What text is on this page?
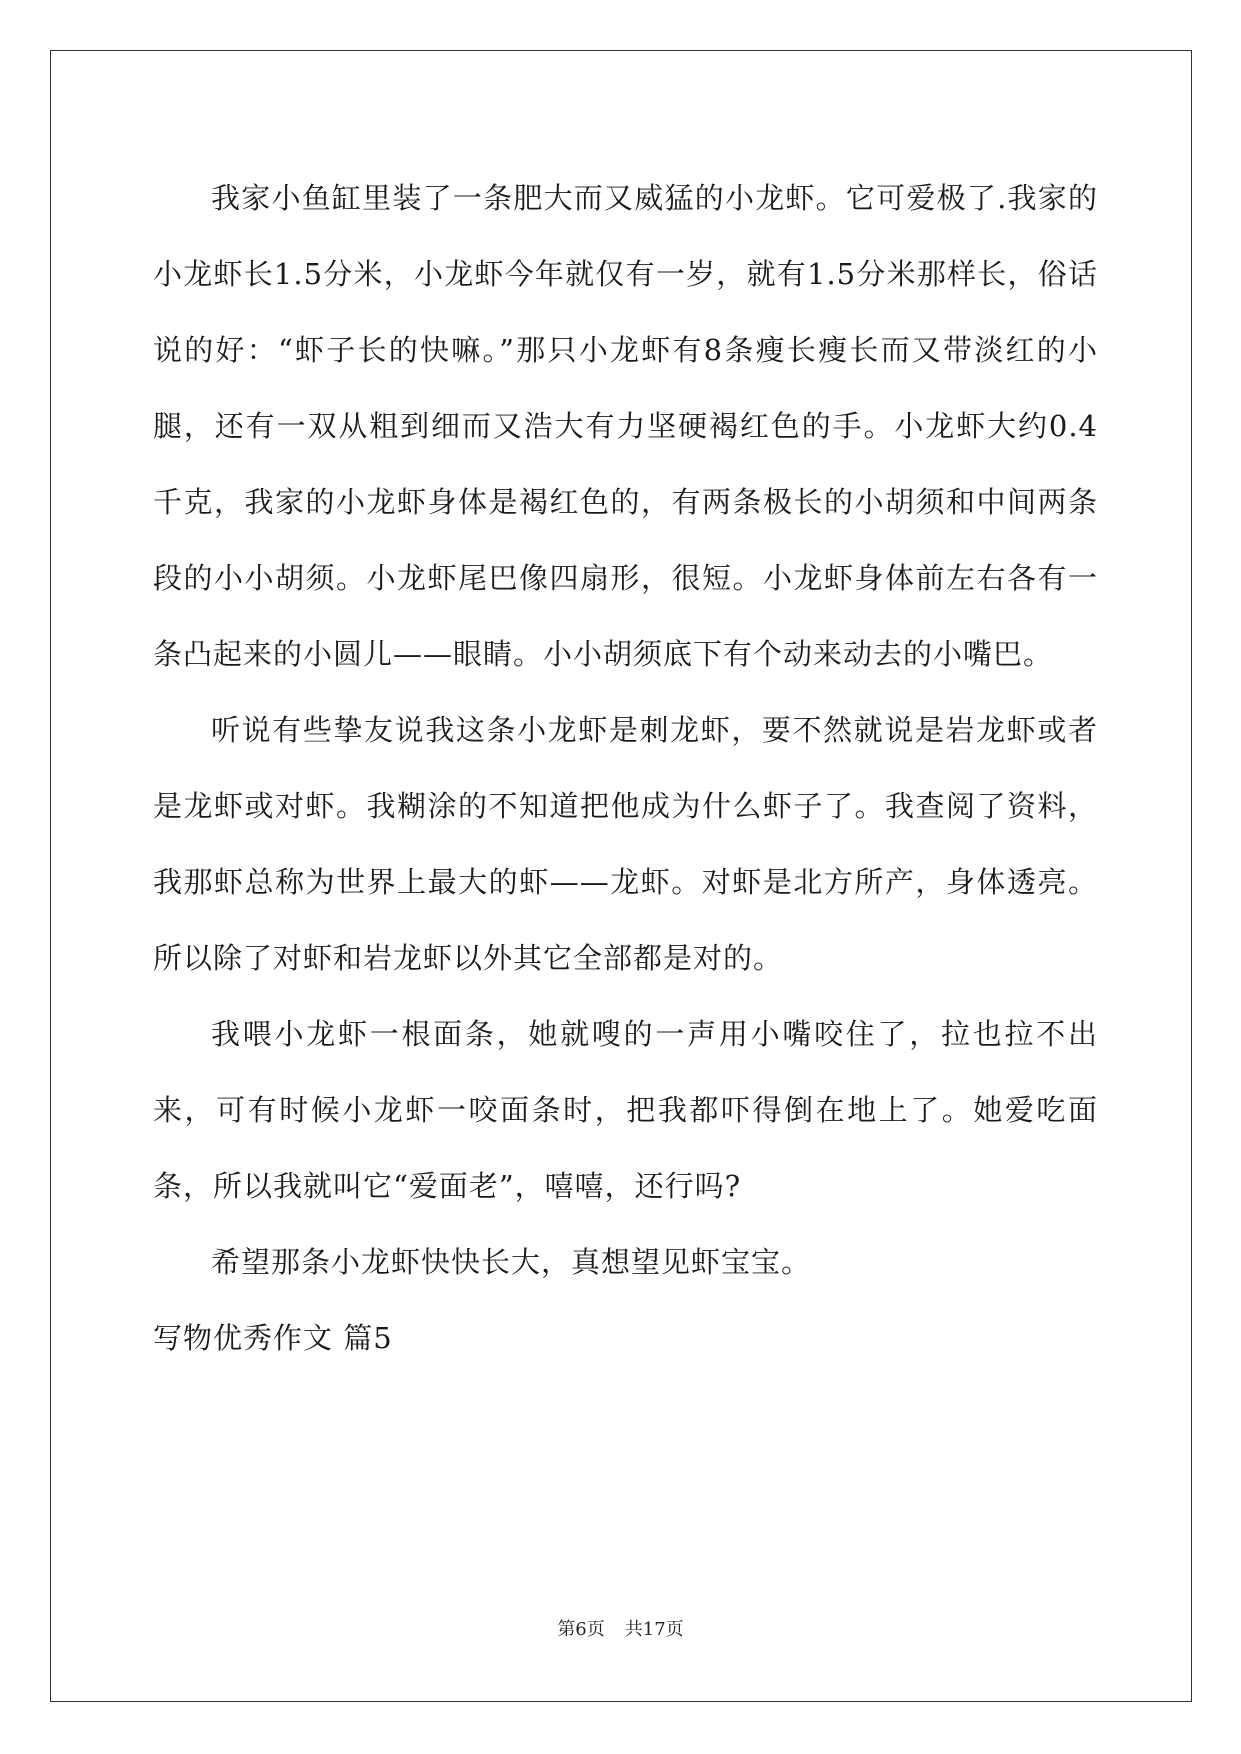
我家小鱼缸里装了一条肥大而又威猛的小龙虾。它可爱极了.我家的小龙虾长1.5分米，小龙虾今年就仅有一岁，就有1.5分米那样长，俗话说的好：“虾子长的快嘛。”那只小龙虾有8条瘦长瘦长而又带淡红的小腿，还有一双从粗到细而又浩大有力坚硬褐红色的手。小龙虾大约0.4千克，我家的小龙虾身体是褐红色的，有两条极长的小胡须和中间两条段的小小胡须。小龙虾尾巴像四扇形，很短。小龙虾身体前左右各有一条凸起来的小圆儿——眼睛。小小胡须底下有个动来动去的小嘴巴。

听说有些挚友说我这条小龙虾是刺龙虾，要不然就说是岩龙虾或者是龙虾或对虾。我糊涂的不知道把他成为什么虾子了。我查阅了资料，我那虾总称为世界上最大的虾——龙虾。对虾是北方所产，身体透亮。所以除了对虾和岩龙虾以外其它全部都是对的。

我喂小龙虾一根面条，她就嗖的一声用小嘴咬住了，拉也拉不出来，可有时候小龙虾一咬面条时，把我都吓得倒在地上了。她爱吃面条，所以我就叫它“爱面老”，嘻嘻，还行吗?

希望那条小龙虾快快长大，真想望见虾宝宝。

写物优秀作文 篇5

第6页 共17页
